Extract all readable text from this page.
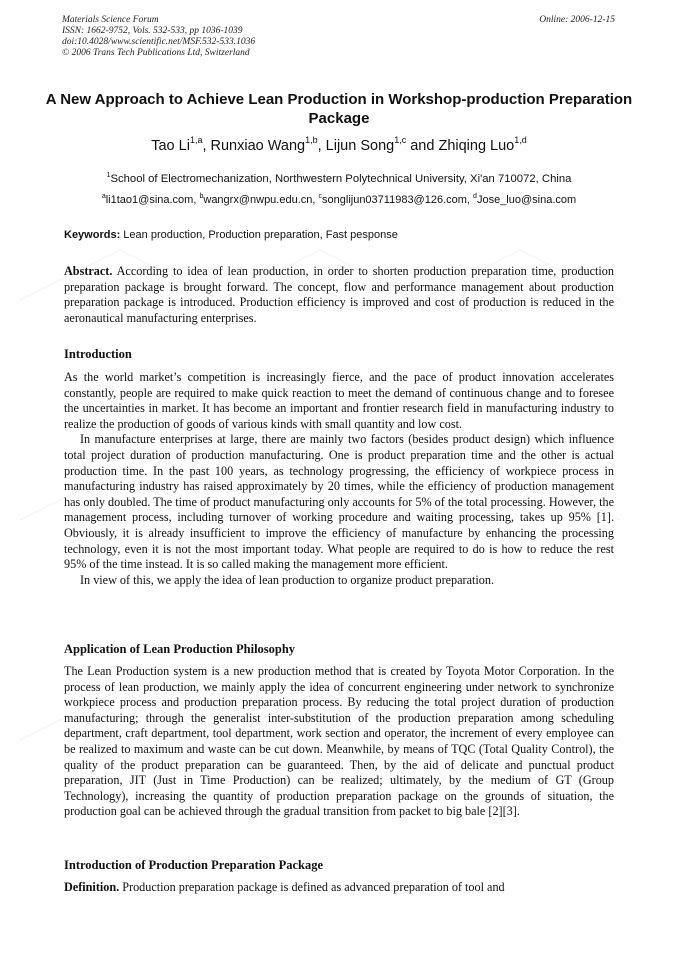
Materials Science Forum
ISSN: 1662-9752, Vols. 532-533, pp 1036-1039
doi:10.4028/www.scientific.net/MSF.532-533.1036
© 2006 Trans Tech Publications Ltd, Switzerland
Online: 2006-12-15
A New Approach to Achieve Lean Production in Workshop-production Preparation Package
Tao Li$^{1,a}$, Runxiao Wang$^{1,b}$, Lijun Song$^{1,c}$ and Zhiqing Luo$^{1,d}$
$^1$School of Electromechanization, Northwestern Polytechnical University, Xi'an 710072, China
$^a$li1tao1@sina.com, $^b$wangrx@nwpu.edu.cn, $^c$songlijun03711983@126.com, $^d$Jose_luo@sina.com
Keywords: Lean production, Production preparation, Fast pesponse

Abstract. According to idea of lean production, in order to shorten production preparation time, production preparation package is brought forward. The concept, flow and performance management about production preparation package is introduced. Production efficiency is improved and cost of production is reduced in the aeronautical manufacturing enterprises.

Introduction

As the world market’s competition is increasingly fierce, and the pace of product innovation accelerates constantly, people are required to make quick reaction to meet the demand of continuous change and to foresee the uncertainties in market. It has become an important and frontier research field in manufacturing industry to realize the production of goods of various kinds with small quantity and low cost.

In manufacture enterprises at large, there are mainly two factors (besides product design) which influence total project duration of production manufacturing. One is product preparation time and the other is actual production time. In the past 100 years, as technology progressing, the efficiency of workpiece process in manufacturing industry has raised approximately by 20 times, while the efficiency of production management has only doubled. The time of product manufacturing only accounts for 5% of the total processing. However, the management process, including turnover of working procedure and waiting processing, takes up 95% [1]. Obviously, it is already insufficient to improve the efficiency of manufacture by enhancing the processing technology, even it is not the most important today. What people are required to do is how to reduce the rest 95% of the time instead. It is so called making the management more efficient.

In view of this, we apply the idea of lean production to organize product preparation.

Application of Lean Production Philosophy

The Lean Production system is a new production method that is created by Toyota Motor Corporation. In the process of lean production, we mainly apply the idea of concurrent engineering under network to synchronize workpiece process and production preparation process. By reducing the total project duration of production manufacturing; through the generalist inter-substitution of the production preparation among scheduling department, craft department, tool department, work section and operator, the increment of every employee can be realized to maximum and waste can be cut down. Meanwhile, by means of TQC (Total Quality Control), the quality of the product preparation can be guaranteed. Then, by the aid of delicate and punctual product preparation, JIT (Just in Time Production) can be realized; ultimately, by the medium of GT (Group Technology), increasing the quantity of production preparation package on the grounds of situation, the production goal can be achieved through the gradual transition from packet to big bale [2][3].

Introduction of Production Preparation Package

Definition. Production preparation package is defined as advanced preparation of tool and
